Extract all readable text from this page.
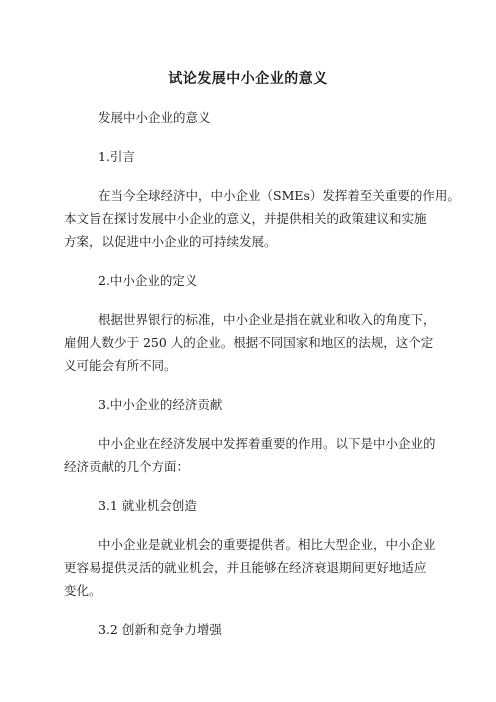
试论发展中小企业的意义
发展中小企业的意义
1.引言
在当今全球经济中，中小企业（SMEs）发挥着至关重要的作用。
本文旨在探讨发展中小企业的意义，并提供相关的政策建议和实施
方案，以促进中小企业的可持续发展。
2.中小企业的定义
根据世界银行的标准，中小企业是指在就业和收入的角度下，
雇佣人数少于 250 人的企业。根据不同国家和地区的法规，这个定
义可能会有所不同。
3.中小企业的经济贡献
中小企业在经济发展中发挥着重要的作用。以下是中小企业的
经济贡献的几个方面：
3.1 就业机会创造
中小企业是就业机会的重要提供者。相比大型企业，中小企业
更容易提供灵活的就业机会，并且能够在经济衰退期间更好地适应
变化。
3.2 创新和竞争力增强
